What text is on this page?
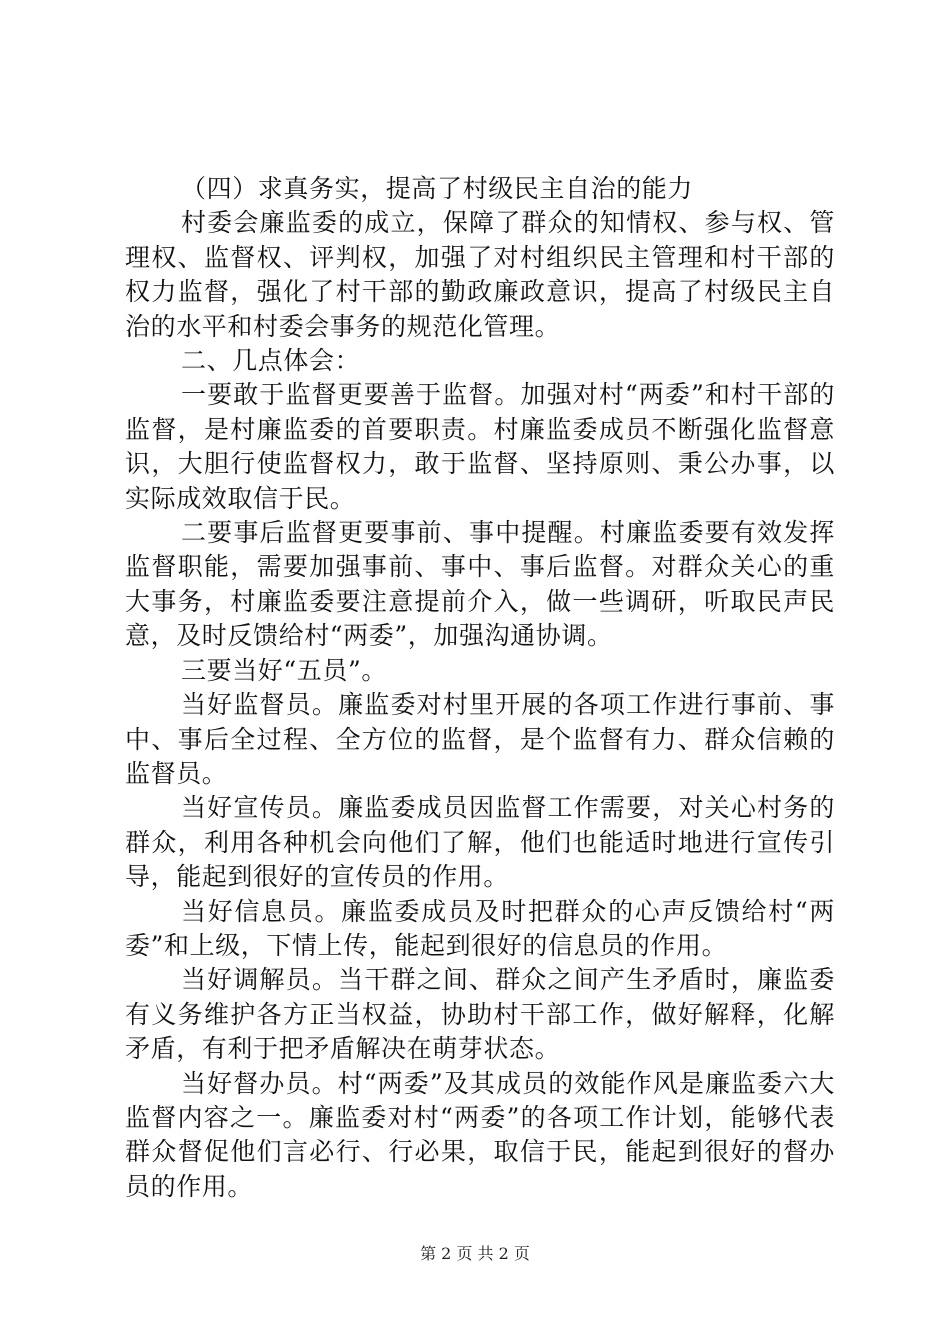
（四）求真务实，提高了村级民主自治的能力

村委会廉监委的成立，保障了群众的知情权、参与权、管理权、监督权、评判权，加强了对村组织民主管理和村干部的权力监督，强化了村干部的勤政廉政意识，提高了村级民主自治的水平和村委会事务的规范化管理。

二、几点体会：

一要敢于监督更要善于监督。加强对村“两委”和村干部的监督，是村廉监委的首要职责。村廉监委成员不断强化监督意识，大胆行使监督权力，敢于监督、坚持原则、秉公办事，以实际成效取信于民。

二要事后监督更要事前、事中提醒。村廉监委要有效发挥监督职能，需要加强事前、事中、事后监督。对群众关心的重大事务，村廉监委要注意提前介入，做一些调研，听取民声民意，及时反馈给村“两委”，加强沟通协调。

三要当好“五员”。

当好监督员。廉监委对村里开展的各项工作进行事前、事中、事后全过程、全方位的监督，是个监督有力、群众信赖的监督员。

当好宣传员。廉监委成员因监督工作需要，对关心村务的群众，利用各种机会向他们了解，他们也能适时地进行宣传引导，能起到很好的宣传员的作用。

当好信息员。廉监委成员及时把群众的心声反馈给村“两委”和上级，下情上传，能起到很好的信息员的作用。

当好调解员。当干群之间、群众之间产生矛盾时，廉监委有义务维护各方正当权益，协助村干部工作，做好解释，化解矛盾，有利于把矛盾解决在萌芽状态。

当好督办员。村“两委”及其成员的效能作风是廉监委六大监督内容之一。廉监委对村“两委”的各项工作计划，能够代表群众督促他们言必行、行必果，取信于民，能起到很好的督办员的作用。

第 2 页 共 2 页
